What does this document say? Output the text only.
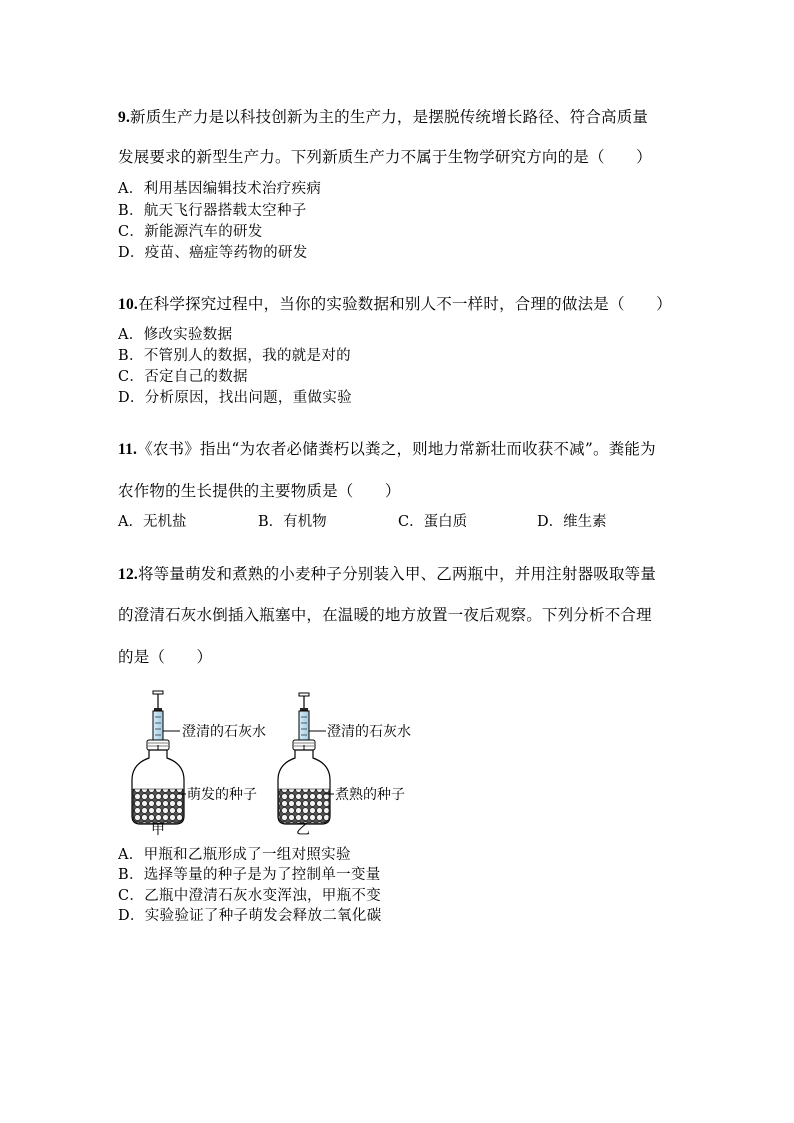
9.新质生产力是以科技创新为主的生产力，是摆脱传统增长路径、符合高质量
发展要求的新型生产力。下列新质生产力不属于生物学研究方向的是（　　）
A．利用基因编辑技术治疗疾病
B．航天飞行器搭载太空种子
C．新能源汽车的研发
D．疫苗、癌症等药物的研发
10.在科学探究过程中，当你的实验数据和别人不一样时，合理的做法是（　　）
A．修改实验数据
B．不管别人的数据，我的就是对的
C．否定自己的数据
D．分析原因，找出问题，重做实验
11.《农书》指出“为农者必储粪朽以粪之，则地力常新壮而收获不减”。粪能为
农作物的生长提供的主要物质是（　　）
A．无机盐	B．有机物	C．蛋白质	D．维生素
12.将等量萌发和煮熟的小麦种子分别装入甲、乙两瓶中，并用注射器吸取等量
的澄清石灰水倒插入瓶塞中，在温暖的地方放置一夜后观察。下列分析不合理
的是（　　）
澄清的石灰水
萌发的种子
甲
澄清的石灰水
煮熟的种子
乙
A．甲瓶和乙瓶形成了一组对照实验
B．选择等量的种子是为了控制单一变量
C．乙瓶中澄清石灰水变浑浊，甲瓶不变
D．实验验证了种子萌发会释放二氧化碳
